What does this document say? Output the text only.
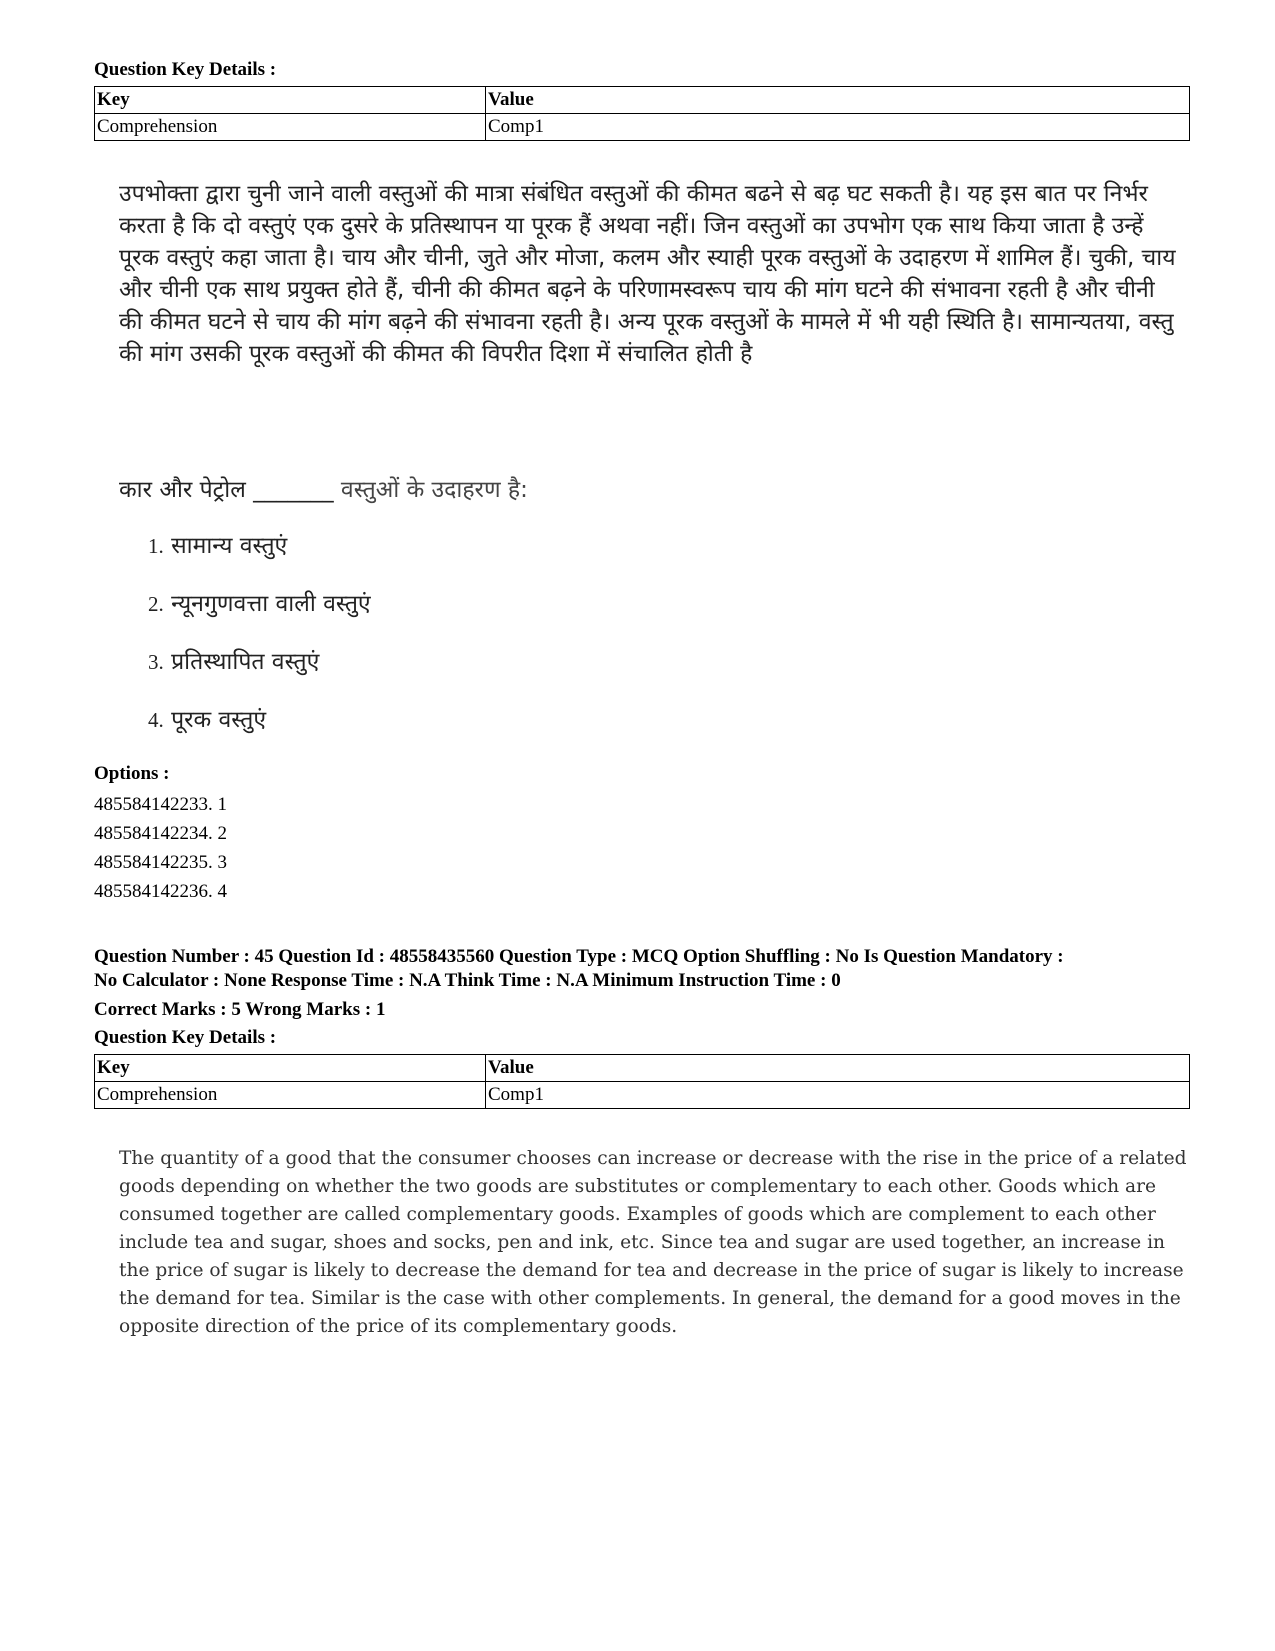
Question Key Details :
Key	Value
Comprehension	Comp1
उपभोक्ता द्वारा चुनी जाने वाली वस्तुओं की मात्रा संबंधित वस्तुओं की कीमत बढने से बढ़ घट सकती है। यह इस बात पर निर्भर करता है कि दो वस्तुएं एक दुसरे के प्रतिस्थापन या पूरक हैं अथवा नहीं। जिन वस्तुओं का उपभोग एक साथ किया जाता है उन्हें पूरक वस्तुएं कहा जाता है। चाय और चीनी, जुते और मोजा, कलम और स्याही पूरक वस्तुओं के उदाहरण में शामिल हैं। चुकी, चाय और चीनी एक साथ प्रयुक्त होते हैं, चीनी की कीमत बढ़ने के परिणामस्वरूप चाय की मांग घटने की संभावना रहती है और चीनी की कीमत घटने से चाय की मांग बढ़ने की संभावना रहती है। अन्य पूरक वस्तुओं के मामले में भी यही स्थिति है। सामान्यतया, वस्तु की मांग उसकी पूरक वस्तुओं की कीमत की विपरीत दिशा में संचालित होती है
कार और पेट्रोल _______ वस्तुओं के उदाहरण है:
1. सामान्य वस्तुएं
2. न्यूनगुणवत्ता वाली वस्तुएं
3. प्रतिस्थापित वस्तुएं
4. पूरक वस्तुएं
Options :
485584142233. 1
485584142234. 2
485584142235. 3
485584142236. 4
Question Number : 45 Question Id : 48558435560 Question Type : MCQ Option Shuffling : No Is Question Mandatory :
No Calculator : None Response Time : N.A Think Time : N.A Minimum Instruction Time : 0
Correct Marks : 5 Wrong Marks : 1
Question Key Details :
Key	Value
Comprehension	Comp1
The quantity of a good that the consumer chooses can increase or decrease with the rise in the price of a related goods depending on whether the two goods are substitutes or complementary to each other. Goods which are consumed together are called complementary goods. Examples of goods which are complement to each other include tea and sugar, shoes and socks, pen and ink, etc. Since tea and sugar are used together, an increase in the price of sugar is likely to decrease the demand for tea and decrease in the price of sugar is likely to increase the demand for tea. Similar is the case with other complements. In general, the demand for a good moves in the opposite direction of the price of its complementary goods.
